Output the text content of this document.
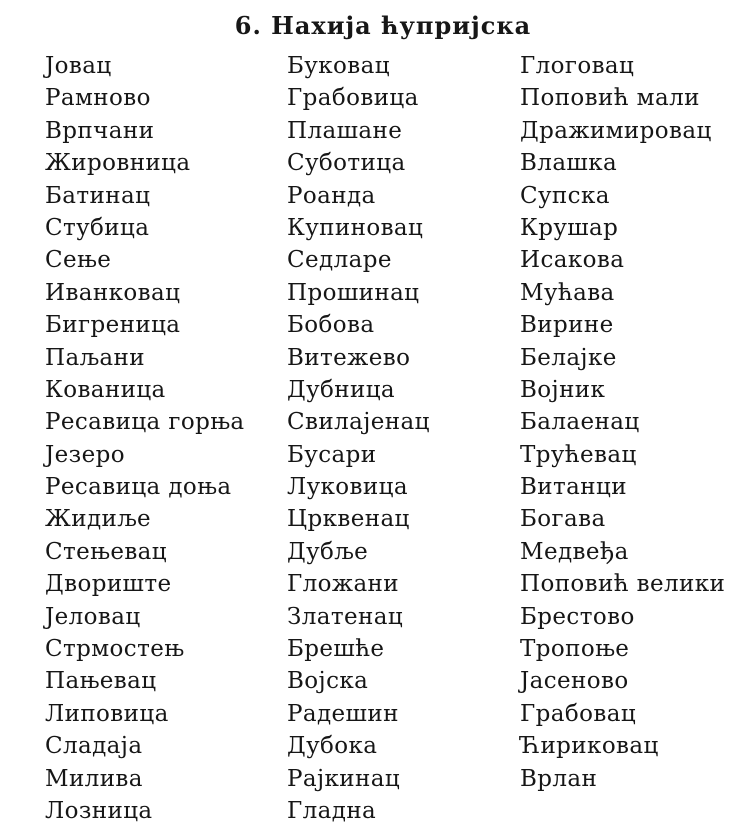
6. Нахија ћупријска
Јовац
Рамново
Врпчани
Жировница
Батинац
Стубица
Сење
Иванковац
Бигреница
Паљани
Кованица
Ресавица горња
Језеро
Ресавица доња
Жидиље
Стењевац
Двориште
Јеловац
Стрмостењ
Пањевац
Липовица
Сладаја
Милива
Лозница
Буковац
Грабовица
Плашане
Суботица
Роанда
Купиновац
Седларе
Прошинац
Бобова
Витежево
Дубница
Свилајенац
Бусари
Луковица
Црквенац
Дубље
Гложани
Златенац
Брешће
Војска
Радешин
Дубока
Рајкинац
Гладна
Глоговац
Поповић мали
Дражимировац
Влашка
Супска
Крушар
Исакова
Мућава
Вирине
Белајке
Војник
Балаенац
Трућевац
Витанци
Богава
Медвеђа
Поповић велики
Брестово
Тропоње
Јасеново
Грабовац
Ћириковац
Врлан
